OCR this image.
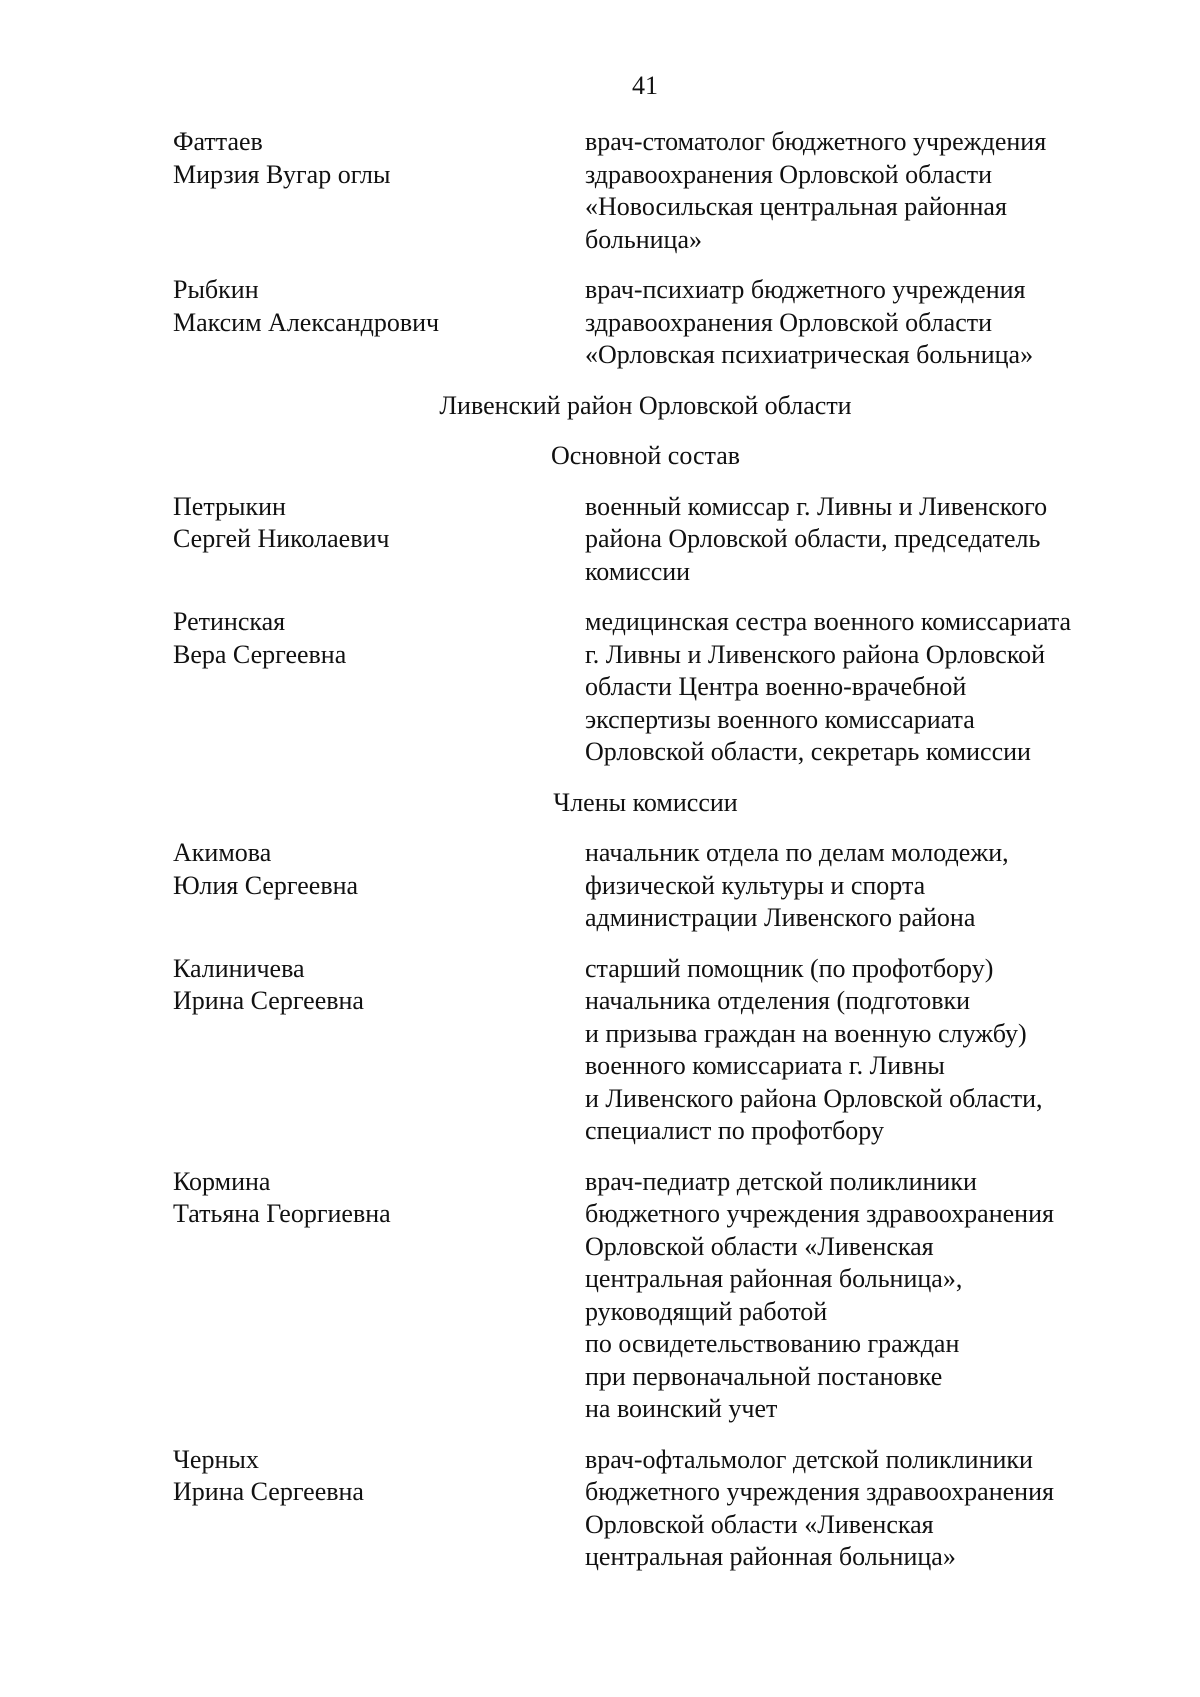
41
Фаттаев
Мирзия Вугар оглы
врач-стоматолог бюджетного учреждения
здравоохранения Орловской области
«Новосильская центральная районная
больница»
Рыбкин
Максим Александрович
врач-психиатр бюджетного учреждения
здравоохранения Орловской области
«Орловская психиатрическая больница»
Ливенский район Орловской области
Основной состав
Петрыкин
Сергей Николаевич
военный комиссар г. Ливны и Ливенского
района Орловской области, председатель
комиссии
Ретинская
Вера Сергеевна
медицинская сестра военного комиссариата
г. Ливны и Ливенского района Орловской
области Центра военно-врачебной
экспертизы военного комиссариата
Орловской области, секретарь комиссии
Члены комиссии
Акимова
Юлия Сергеевна
начальник отдела по делам молодежи,
физической культуры и спорта
администрации Ливенского района
Калиничева
Ирина Сергеевна
старший помощник (по профотбору)
начальника отделения (подготовки
и призыва граждан на военную службу)
военного комиссариата г. Ливны
и Ливенского района Орловской области,
специалист по профотбору
Кормина
Татьяна Георгиевна
врач-педиатр детской поликлиники
бюджетного учреждения здравоохранения
Орловской области «Ливенская
центральная районная больница»,
руководящий работой
по освидетельствованию граждан
при первоначальной постановке
на воинский учет
Черных
Ирина Сергеевна
врач-офтальмолог детской поликлиники
бюджетного учреждения здравоохранения
Орловской области «Ливенская
центральная районная больница»
